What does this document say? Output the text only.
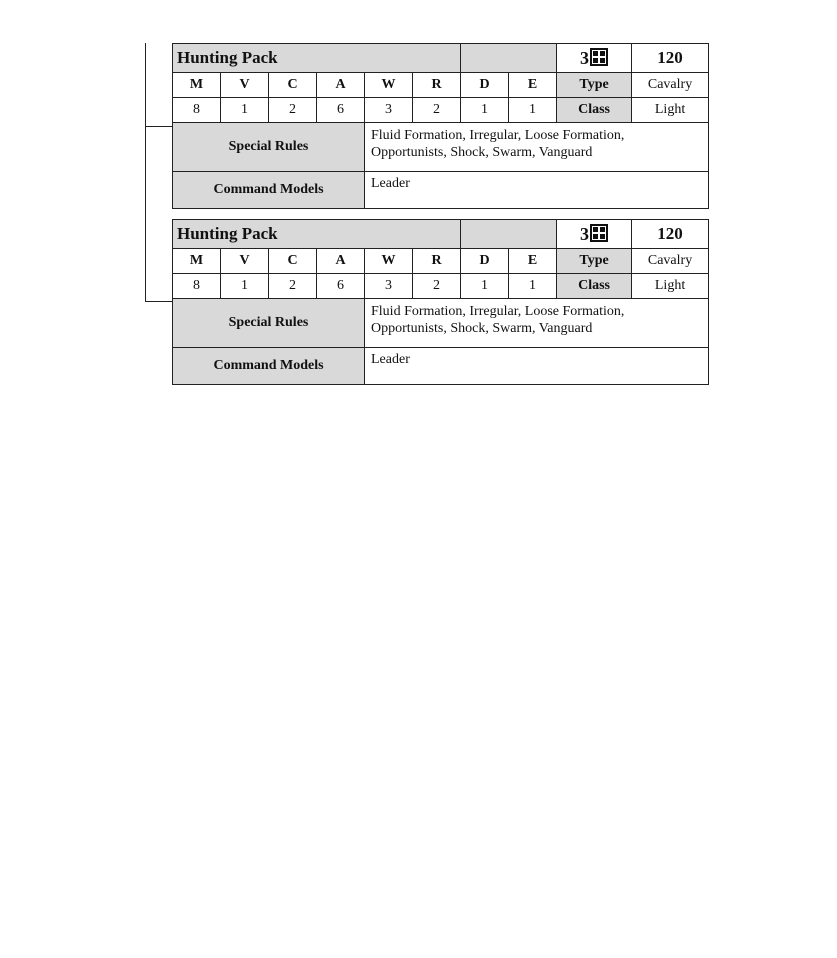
Hunting Pack								3	120
M	V	C	A	W	R	D	E	Type	Cavalry
8	1	2	6	3	2	1	1	Class	Light
Special Rules				Fluid Formation, Irregular, Loose Formation, Opportunists, Shock, Swarm, Vanguard					
Command Models				Leader					
Hunting Pack								3	120
M	V	C	A	W	R	D	E	Type	Cavalry
8	1	2	6	3	2	1	1	Class	Light
Special Rules				Fluid Formation, Irregular, Loose Formation, Opportunists, Shock, Swarm, Vanguard					
Command Models				Leader					
